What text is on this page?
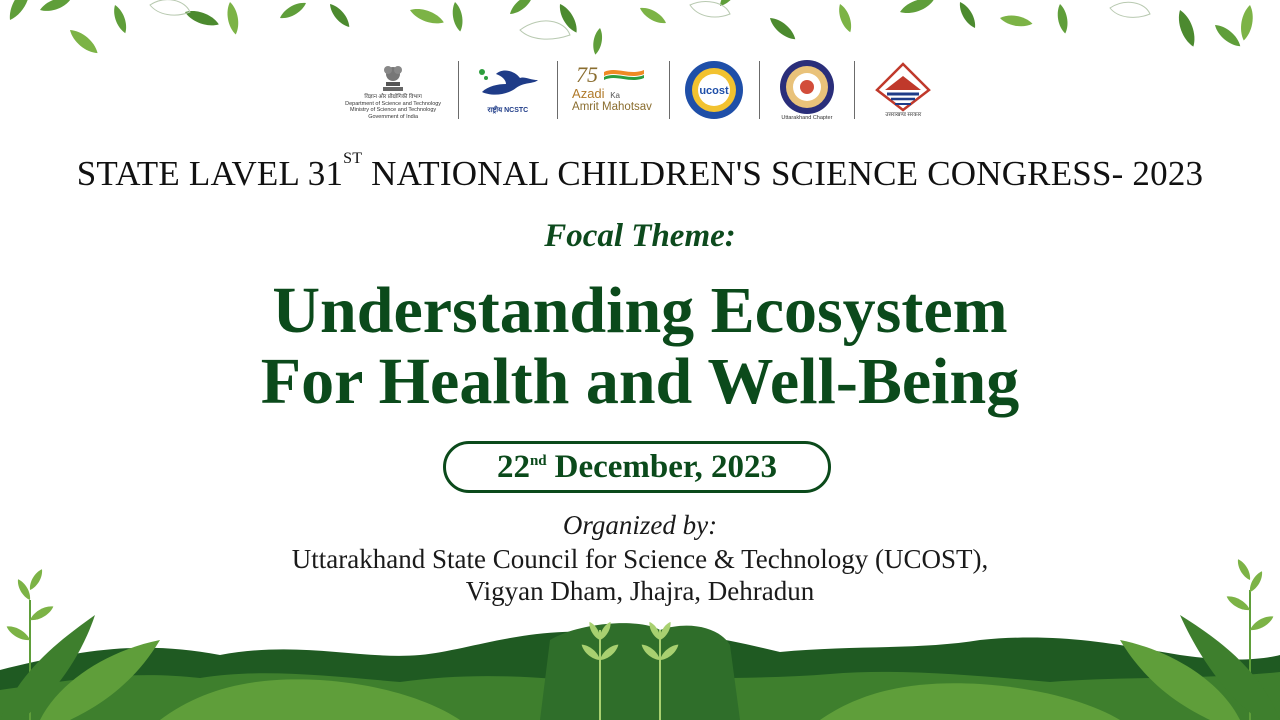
विज्ञान और प्रौद्योगिकी विभाग
Department of Science and Technology
Ministry of Science and Technology
Government of India
राष्ट्रीय NCSTC
75
Azadi Ka
Amrit Mahotsav
ucost
Uttarakhand Chapter	उत्तराखण्ड सरकार
STATE LAVEL 31ST NATIONAL CHILDREN'S SCIENCE CONGRESS- 2023
Focal Theme:
Understanding Ecosystem
For Health and Well-Being
22nd December, 2023
Organized by:
Uttarakhand State Council for Science & Technology (UCOST),
Vigyan Dham, Jhajra, Dehradun
